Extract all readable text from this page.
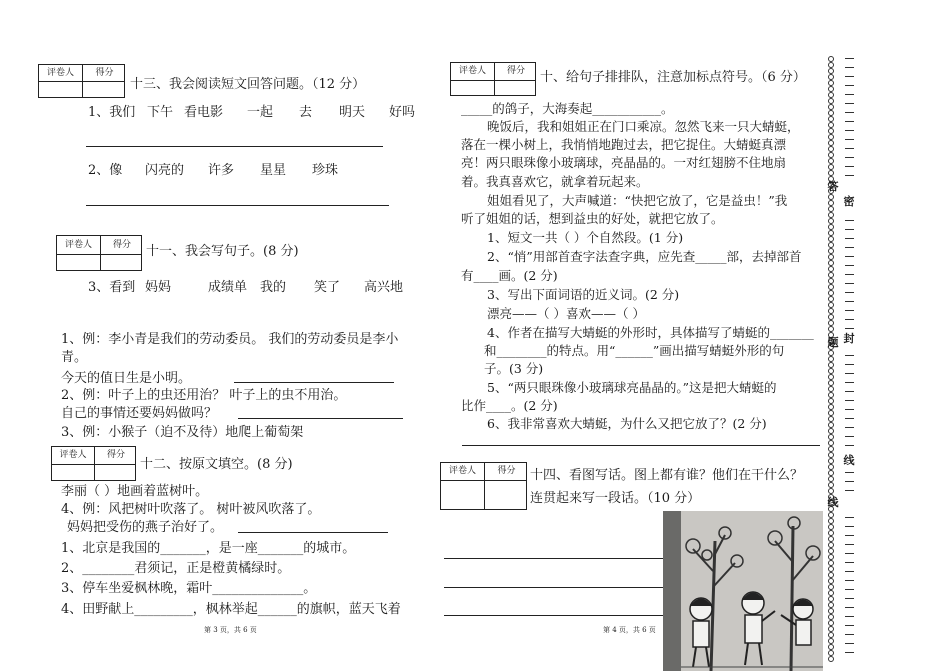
评卷人	得分
十三、我会阅读短文回答问题。（12 分）
1、我们 下午 看电影 一起 去 明天 好吗
2、像 闪亮的 许多 星星 珍珠
评卷人	得分	十一、我会写句子。(8 分)
3、看到 妈妈	成绩单 我的 笑了 高兴地
1、例：李小青是我们的劳动委员。 我们的劳动委员是李小
青。
今天的值日生是小明。
2、例：叶子上的虫还用治？ 叶子上的虫不用治。
自己的事情还要妈妈做吗？
3、例：小猴子（迫不及待）地爬上葡萄架
评卷人	得分
十二、按原文填空。(8 分)
李丽（ ）地画着蓝树叶。
4、例：风把树叶吹落了。 树叶被风吹落了。
妈妈把受伤的燕子治好了。
1、北京是我国的_______，是一座_______的城市。
2、________君须记，正是橙黄橘绿时。
3、停车坐爱枫林晚，霜叶______________。
4、田野献上_________，枫林举起______的旗帜，蓝天飞着
第 3 页，共 6 页
评卷人	得分	十、给句子排排队，注意加标点符号。（6 分）
_____的鸽子，大海奏起___________。
晚饭后，我和姐姐正在门口乘凉。忽然飞来一只大蜻蜓，
落在一棵小树上，我悄悄地跑过去，把它捉住。大蜻蜓真漂
亮！两只眼珠像小玻璃球，亮晶晶的。一对红翅膀不住地扇
着。我真喜欢它，就拿着玩起来。
姐姐看见了，大声喊道：“快把它放了，它是益虫！”我
听了姐姐的话，想到益虫的好处，就把它放了。
1、短文一共（ ）个自然段。(1 分)
2、“悄”用部首查字法查字典，应先查_____部，去掉部首
有____画。(2 分)
3、写出下面词语的近义词。(2 分)
漂亮——（ ）喜欢——（ ）
4、作者在描写大蜻蜓的外形时，具体描写了蜻蜓的_______
和________的特点。用“______”画出描写蜻蜓外形的句
子。(3 分)
5、“两只眼珠像小玻璃球亮晶晶的。”这是把大蜻蜓的
比作____。(2 分)
6、我非常喜欢大蜻蜓，为什么又把它放了？(2 分)
评卷人	得分	十四、看图写话。图上都有谁？他们在干什么？
连贯起来写一段话。（10 分）
第 4 页，共 6 页
答
密
封
题
线
线
